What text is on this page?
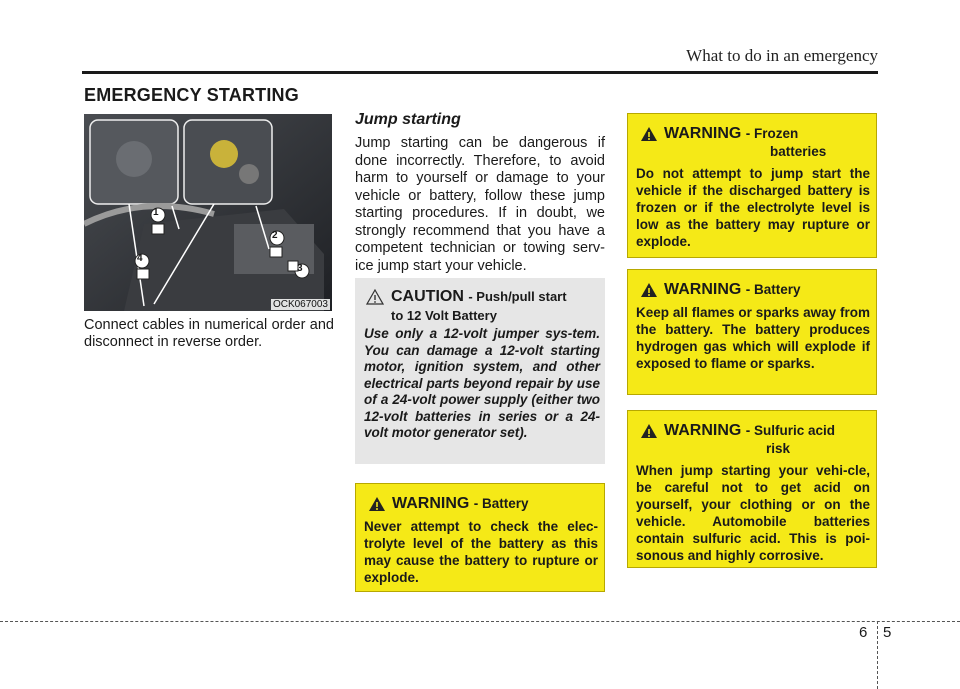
What to do in an emergency
EMERGENCY STARTING
1
2
3
4
OCK067003
Connect cables in numerical order and disconnect in reverse order.
Jump starting
Jump starting can be dangerous if done incorrectly. Therefore, to avoid harm to yourself or damage to your vehicle or battery, follow these jump starting procedures. If in doubt, we strongly recommend that you have a competent technician or towing serv-ice jump start your vehicle.
CAUTION - Push/pull start
to 12 Volt Battery
Use only a 12-volt jumper sys-tem. You can damage a 12-volt starting motor, ignition system, and other electrical parts beyond repair by use of a 24-volt power supply (either two 12-volt batteries in series or a 24-volt motor generator set).
WARNING - Battery
Never attempt to check the elec-trolyte level of the battery as this may cause the battery to rupture or explode.
WARNING - Frozen
batteries
Do not attempt to jump start the vehicle if the discharged battery is frozen or if the electrolyte level is low as the battery may rupture or explode.
WARNING - Battery
Keep all flames or sparks away from the battery. The battery produces hydrogen gas which will explode if exposed to flame or sparks.
WARNING - Sulfuric acid
risk
When jump starting your vehi-cle, be careful not to get acid on yourself, your clothing or on the vehicle. Automobile batteries contain sulfuric acid. This is poi-sonous and highly corrosive.
6 5
